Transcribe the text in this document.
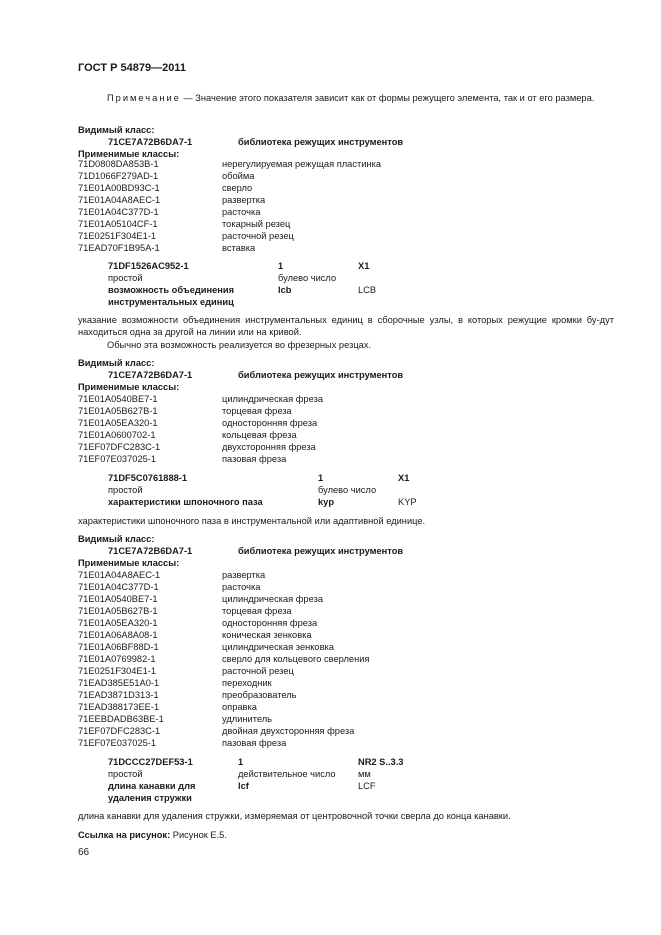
ГОСТ Р 54879—2011
Примечание — Значение этого показателя зависит как от формы режущего элемента, так и от его размера.
Видимый класс:
71CE7A72B6DA7-1	библиотека режущих инструментов
Применимые классы:
71D0808DA853B-1	нерегулируемая режущая пластинка
71D1066F279AD-1	обойма
71E01A00BD93C-1	сверло
71E01A04A8AEC-1	развертка
71E01A04C377D-1	расточка
71E01A05104CF-1	токарный резец
71E0251F304E1-1	расточной резец
71EAD70F1B95A-1	вставка
71DF1526AC952-1	1	X1
простой	булево число
возможность объединения	lcb	LCB
инструментальных единиц
указание возможности объединения инструментальных единиц в сборочные узлы, в которых режущие кромки бу-дут находиться одна за другой на линии или на кривой.
Обычно эта возможность реализуется во фрезерных резцах.
Видимый класс:
71CE7A72B6DA7-1	библиотека режущих инструментов
Применимые классы:
71E01A0540BE7-1	цилиндрическая фреза
71E01A05B627B-1	торцевая фреза
71E01A05EA320-1	односторонняя фреза
71E01A0600702-1	кольцевая фреза
71EF07DFC283C-1	двухсторонняя фреза
71EF07E037025-1	пазовая фреза
71DF5C0761888-1	1	X1
простой	булево число
характеристики шпоночного паза	kyp	KYP
характеристики шпоночного паза в инструментальной или адаптивной единице.
Видимый класс:
71CE7A72B6DA7-1	библиотека режущих инструментов
Применимые классы:
71E01A04A8AEC-1	развертка
71E01A04C377D-1	расточка
71E01A0540BE7-1	цилиндрическая фреза
71E01A05B627B-1	торцевая фреза
71E01A05EA320-1	односторонняя фреза
71E01A06A8A08-1	коническая зенковка
71E01A06BF88D-1	цилиндрическая зенковка
71E01A0769982-1	сверло для кольцевого сверления
71E0251F304E1-1	расточной резец
71EAD385E51A0-1	переходник
71EAD3871D313-1	преобразователь
71EAD388173EE-1	оправка
71EEBDADB63BE-1	удлинитель
71EF07DFC283C-1	двойная двухсторонняя фреза
71EF07E037025-1	пазовая фреза
71DCCC27DEF53-1	1	NR2 S..3.3
простой	действительное число мм
длина канавки для	lcf	LCF
удаления стружки
длина канавки для удаления стружки, измеряемая от центровочной точки сверла до конца канавки.
Ссылка на рисунок: Рисунок Е.5.
66
